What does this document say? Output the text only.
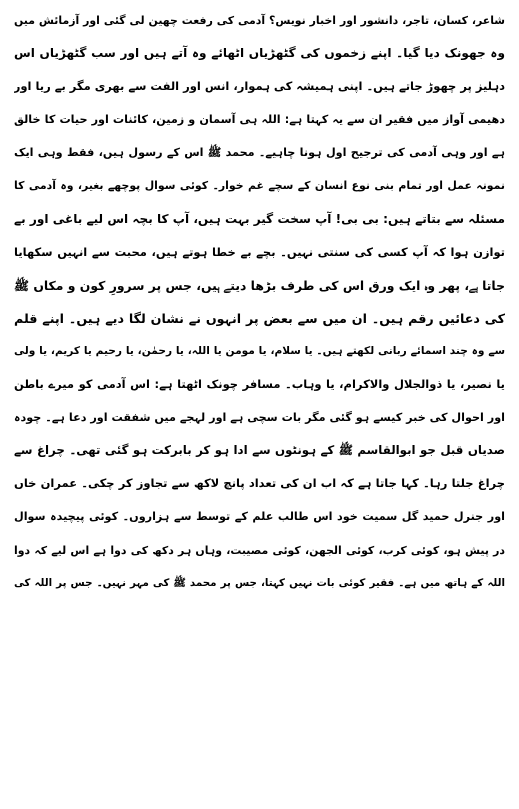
شاعر، کسان، تاجر، دانشور اور اخبار نویس؟ آدمی کی رفعت چھین لی گئی اور آزمائش میں
وہ جھونک دیا گیا۔ اپنے زخموں کی گٹھڑیاں اٹھائے وہ آتے ہیں اور سب گٹھڑیاں اس
دہلیز پر چھوڑ جاتے ہیں۔ اپنی ہمیشہ کی ہموار، انس اور الفت سے بھری مگر بے ریا اور
دھیمی آواز میں فقیر ان سے یہ کہتا ہے: اللہ ہی آسمان و زمین، کائنات اور حیات کا خالق
ہے اور وہی آدمی کی ترجیح اول ہونا چاہیے۔ محمد ﷺ اس کے رسول ہیں، فقط وہی ایک
نمونہ عمل اور تمام بنی نوع انسان کے سچے غم خوار۔ کوئی سوال پوچھے بغیر، وہ آدمی کا
مسئلہ سے بتاتے ہیں: بی بی! آپ سخت گیر بہت ہیں، آپ کا بچہ اس لیے باغی اور بے
توازن ہوا کہ آپ کسی کی سنتی نہیں۔ بچے بے خطا ہوتے ہیں، محبت سے انہیں سکھایا
جاتا ہے، پھر وہ ایک ورق اس کی طرف بڑھا دیتے ہیں، جس پر سرورِ کون و مکاں ﷺ
کی دعائیں رقم ہیں۔ ان میں سے بعض پر انہوں نے نشان لگا دیے ہیں۔ اپنے قلم
سے وہ چند اسمائے ربانی لکھتے ہیں۔ یا سلام، یا مومن یا اللہ، یا رحمٰن، یا رحیم یا کریم، یا ولی
یا نصیر، یا ذوالجلال والاکرام، یا وہاب۔ مسافر چونک اٹھتا ہے: اس آدمی کو میرے باطن
اور احوال کی خبر کیسے ہو گئی مگر بات سچی ہے اور لہجے میں شفقت اور دعا ہے۔ چودہ
صدیاں قبل جو ابوالقاسم ﷺ کے ہونٹوں سے ادا ہو کر بابرکت ہو گئی تھی۔ چراغ سے
چراغ جلتا رہا۔ کہا جاتا ہے کہ اب ان کی تعداد پانچ لاکھ سے تجاوز کر چکی۔ عمران خاں
اور جنرل حمید گل سمیت خود اس طالب علم کے توسط سے ہزاروں۔ کوئی پیچیدہ سوال
در پیش ہو، کوئی کرب، کوئی الجھن، کوئی مصیبت، وہاں ہر دکھ کی دوا ہے اس لیے کہ دوا
اللہ کے ہاتھ میں ہے۔ فقیر کوئی بات نہیں کہتا، جس پر محمد ﷺ کی مہر نہیں۔ جس پر اللہ کی
